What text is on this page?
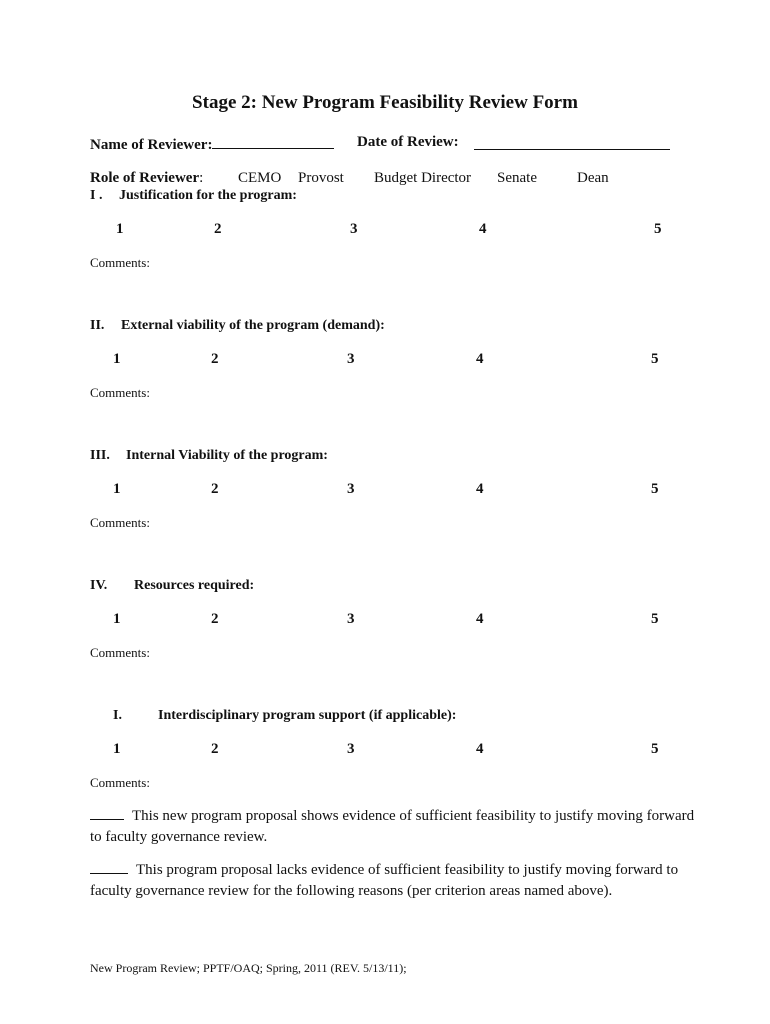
Stage 2: New Program Feasibility Review Form
Name of Reviewer:	Date of Review:
Role of Reviewer: CEMO Provost Budget Director Senate	Dean
I . Justification for the program:
1	2	3	4	5
Comments:
II. External viability of the program (demand):
1	2	3	4	5
Comments:
III. Internal Viability of the program:
1	2	3	4	5
Comments:
IV. Resources required:
1	2	3	4	5
Comments:
I.	Interdisciplinary program support (if applicable):
1	2	3	4	5
Comments:
This new program proposal shows evidence of sufficient feasibility to justify moving forward to faculty governance review.
This program proposal lacks evidence of sufficient feasibility to justify moving forward to faculty governance review for the following reasons (per criterion areas named above).
New Program Review; PPTF/OAQ; Spring, 2011 (REV. 5/13/11);
